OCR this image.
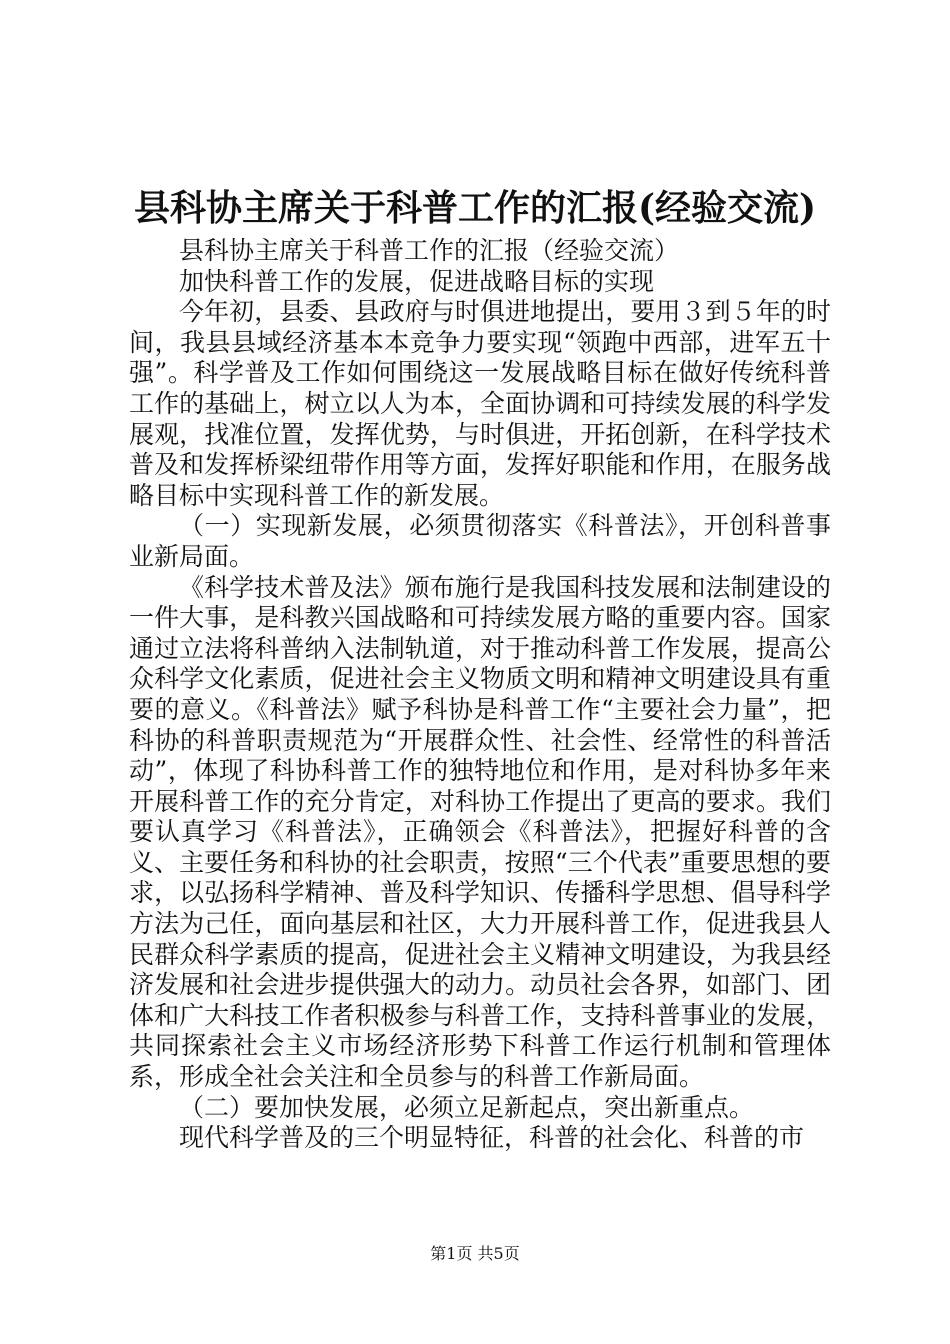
县科协主席关于科普工作的汇报(经验交流)

县科协主席关于科普工作的汇报（经验交流）

加快科普工作的发展，促进战略目标的实现

今年初，县委、县政府与时俱进地提出，要用３到５年的时间，我县县域经济基本本竞争力要实现“领跑中西部，进军五十强”。科学普及工作如何围绕这一发展战略目标在做好传统科普工作的基础上，树立以人为本，全面协调和可持续发展的科学发展观，找准位置，发挥优势，与时俱进，开拓创新，在科学技术普及和发挥桥梁纽带作用等方面，发挥好职能和作用，在服务战略目标中实现科普工作的新发展。

（一）实现新发展，必须贯彻落实《科普法》，开创科普事业新局面。

《科学技术普及法》颁布施行是我国科技发展和法制建设的一件大事，是科教兴国战略和可持续发展方略的重要内容。国家通过立法将科普纳入法制轨道，对于推动科普工作发展，提高公众科学文化素质，促进社会主义物质文明和精神文明建设具有重要的意义。《科普法》赋予科协是科普工作“主要社会力量”，把科协的科普职责规范为“开展群众性、社会性、经常性的科普活动”，体现了科协科普工作的独特地位和作用，是对科协多年来开展科普工作的充分肯定，对科协工作提出了更高的要求。我们要认真学习《科普法》，正确领会《科普法》，把握好科普的含义、主要任务和科协的社会职责，按照“三个代表”重要思想的要求，以弘扬科学精神、普及科学知识、传播科学思想、倡导科学方法为己任，面向基层和社区，大力开展科普工作，促进我县人民群众科学素质的提高，促进社会主义精神文明建设，为我县经济发展和社会进步提供强大的动力。动员社会各界，如部门、团体和广大科技工作者积极参与科普工作，支持科普事业的发展，共同探索社会主义市场经济形势下科普工作运行机制和管理体系，形成全社会关注和全员参与的科普工作新局面。

（二）要加快发展，必须立足新起点，突出新重点。

现代科学普及的三个明显特征，科普的社会化、科普的市

第1页 共5页
